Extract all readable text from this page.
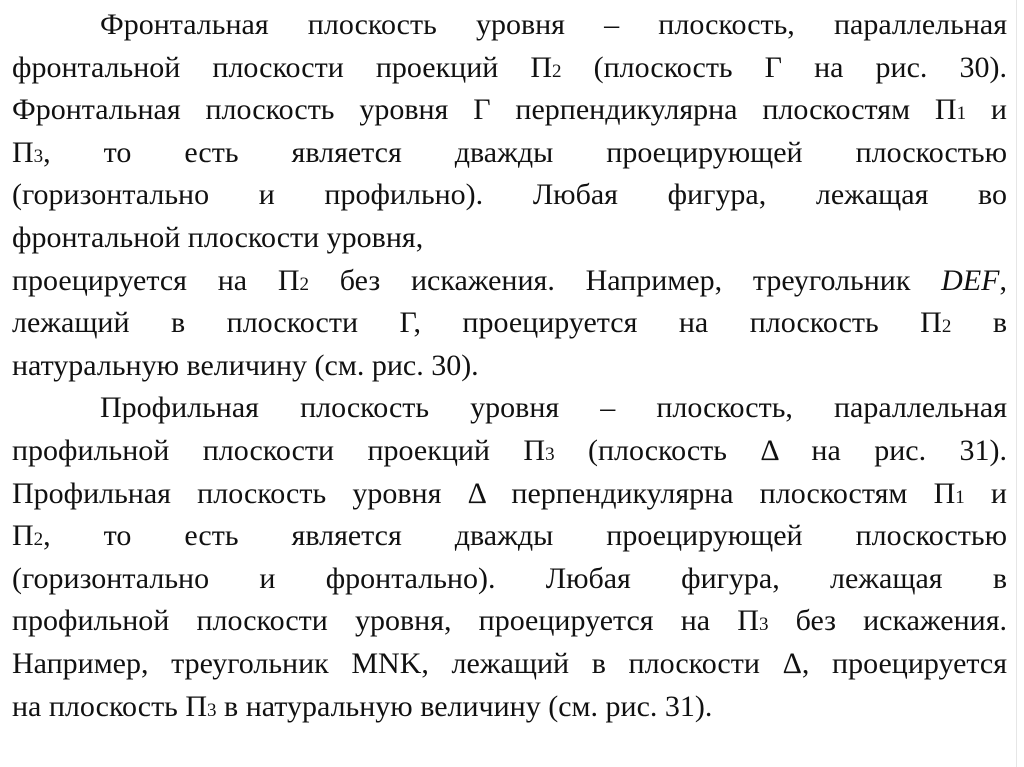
Фронтальная плоскость уровня – плоскость, параллельная
фронтальной плоскости проекций П2 (плоскость Г на рис. 30).
Фронтальная плоскость уровня Г перпендикулярна плоскостям П1 и
П3, то есть является дважды проецирующей плоскостью
(горизонтально и профильно). Любая фигура, лежащая во
фронтальной плоскости уровня,
проецируется на П2 без искажения. Например, треугольник DEF,
лежащий в плоскости Г, проецируется на плоскость П2 в
натуральную величину (см. рис. 30).
Профильная плоскость уровня – плоскость, параллельная
профильной плоскости проекций П3 (плоскость Δ на рис. 31).
Профильная плоскость уровня Δ перпендикулярна плоскостям П1 и
П2, то есть является дважды проецирующей плоскостью
(горизонтально и фронтально). Любая фигура, лежащая в
профильной плоскости уровня, проецируется на П3 без искажения.
Например, треугольник MNK, лежащий в плоскости Δ, проецируется
на плоскость П3 в натуральную величину (см. рис. 31).
